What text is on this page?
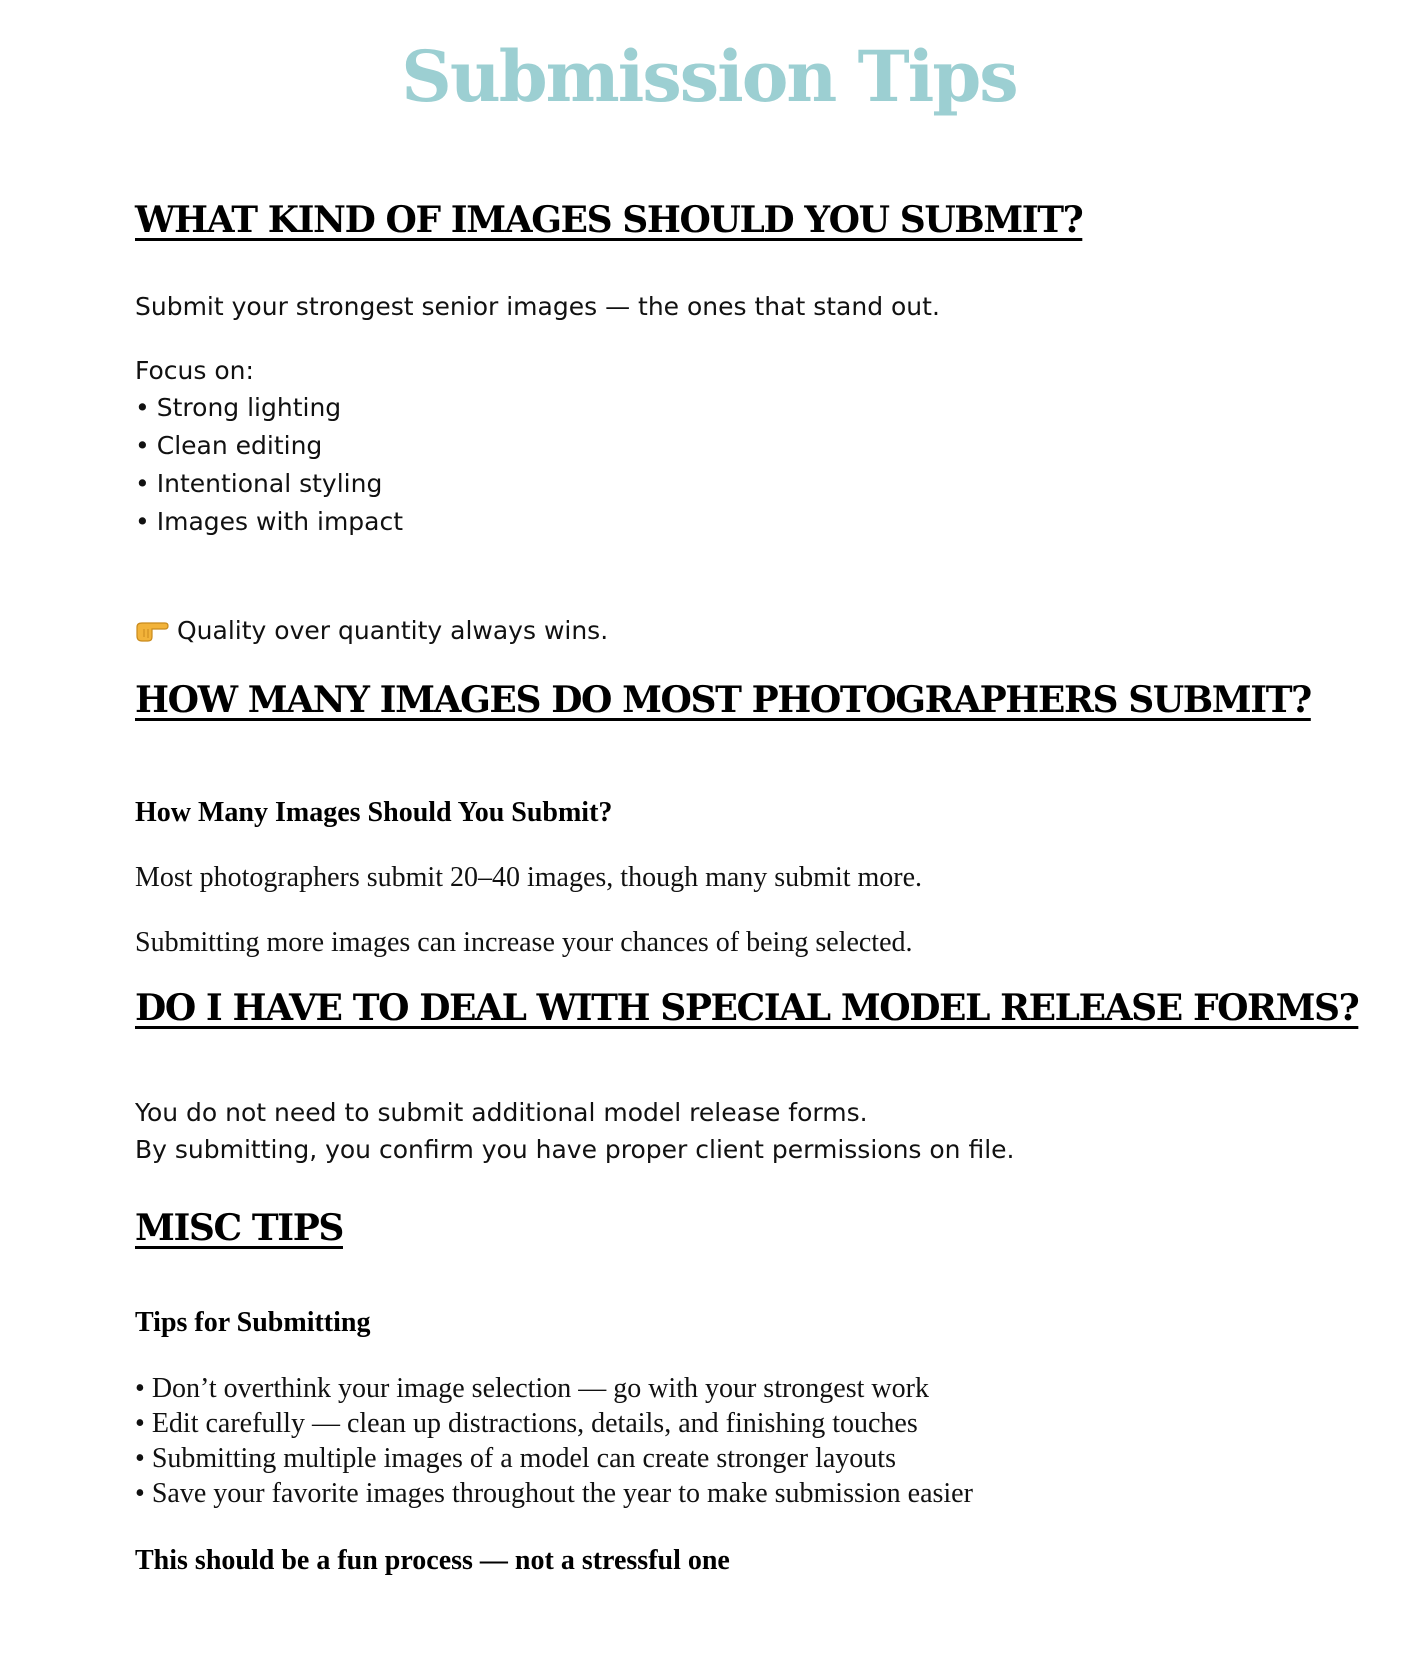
Submission Tips
WHAT KIND OF IMAGES SHOULD YOU SUBMIT?

Submit your strongest senior images — the ones that stand out.

Focus on:

• Strong lighting
• Clean editing
• Intentional styling
• Images with impact

Quality over quantity always wins.

HOW MANY IMAGES DO MOST PHOTOGRAPHERS SUBMIT?

How Many Images Should You Submit?

Most photographers submit 20–40 images, though many submit more.

Submitting more images can increase your chances of being selected.

DO I HAVE TO DEAL WITH SPECIAL MODEL RELEASE FORMS?

You do not need to submit additional model release forms.

By submitting, you confirm you have proper client permissions on file.

MISC TIPS

Tips for Submitting

• Don’t overthink your image selection — go with your strongest work
• Edit carefully — clean up distractions, details, and finishing touches
• Submitting multiple images of a model can create stronger layouts
• Save your favorite images throughout the year to make submission easier

This should be a fun process — not a stressful one
